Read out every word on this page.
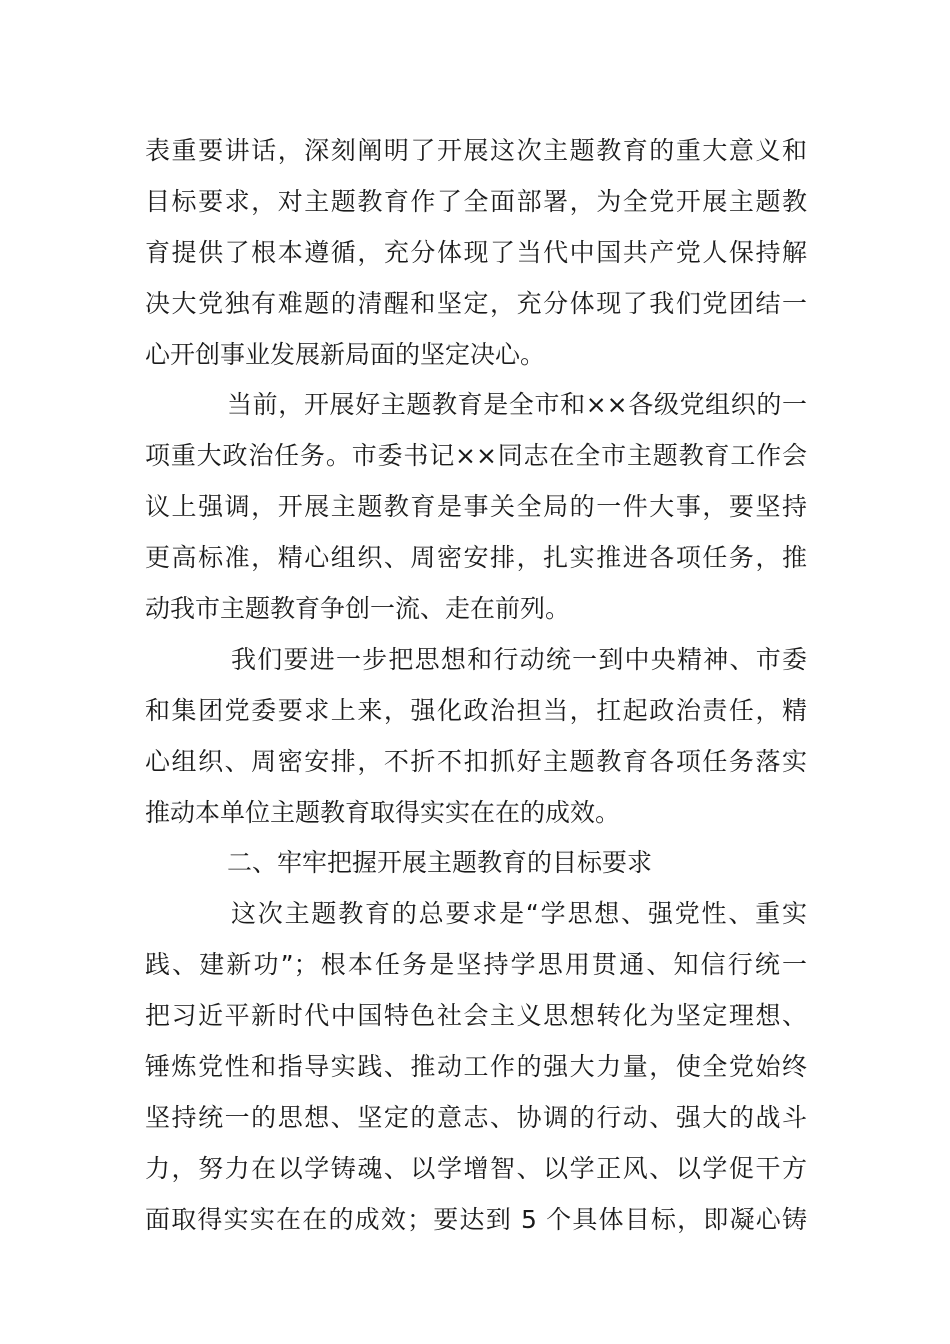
表重要讲话，深刻阐明了开展这次主题教育的重大意义和
目标要求，对主题教育作了全面部署，为全党开展主题教
育提供了根本遵循，充分体现了当代中国共产党人保持解
决大党独有难题的清醒和坚定，充分体现了我们党团结一
心开创事业发展新局面的坚定决心。
当前，开展好主题教育是全市和××各级党组织的一
项重大政治任务。市委书记××同志在全市主题教育工作会
议上强调，开展主题教育是事关全局的一件大事，要坚持
更高标准，精心组织、周密安排，扎实推进各项任务，推
动我市主题教育争创一流、走在前列。
我们要进一步把思想和行动统一到中央精神、市委
和集团党委要求上来，强化政治担当，扛起政治责任，精
心组织、周密安排，不折不扣抓好主题教育各项任务落实
推动本单位主题教育取得实实在在的成效。
二、牢牢把握开展主题教育的目标要求
这次主题教育的总要求是“学思想、强党性、重实
践、建新功”；根本任务是坚持学思用贯通、知信行统一
把习近平新时代中国特色社会主义思想转化为坚定理想、
锤炼党性和指导实践、推动工作的强大力量，使全党始终
坚持统一的思想、坚定的意志、协调的行动、强大的战斗
力，努力在以学铸魂、以学增智、以学正风、以学促干方
面取得实实在在的成效；要达到 5 个具体目标，即凝心铸
